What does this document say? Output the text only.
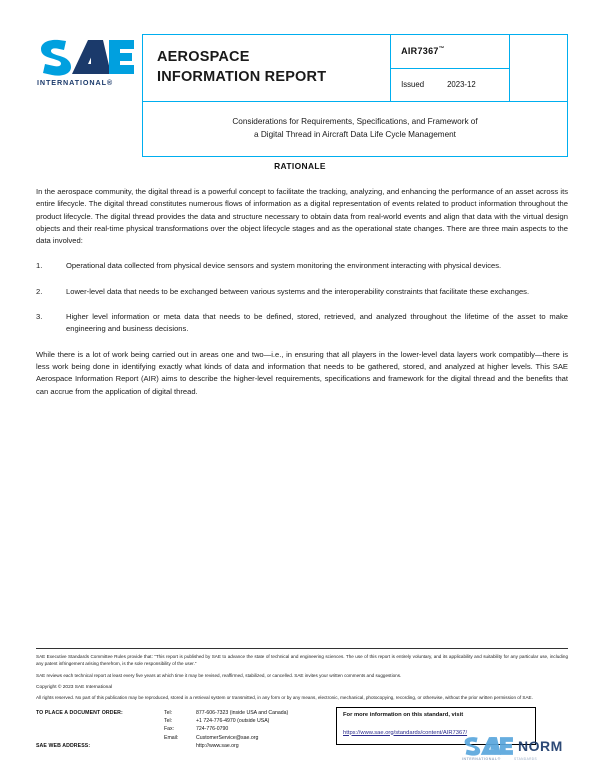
INTERNATIONAL®
AEROSPACE
INFORMATION REPORT

AIR7367™

Issued	2023-12

Considerations for Requirements, Specifications, and Framework of
a Digital Thread in Aircraft Data Life Cycle Management
RATIONALE

In the aerospace community, the digital thread is a powerful concept to facilitate the tracking, analyzing, and enhancing the performance of an asset across its entire lifecycle. The digital thread constitutes numerous flows of information as a digital representation of events related to product information throughout the product lifecycle. The digital thread provides the data and structure necessary to obtain data from real-world events and align that data with the virtual design objects and their real-time physical transformations over the object lifecycle stages and as the operational state changes. There are three main aspects to the data involved:

1.	Operational data collected from physical device sensors and system monitoring the environment interacting with physical devices.
2.	Lower-level data that needs to be exchanged between various systems and the interoperability constraints that facilitate these exchanges.
3.	Higher level information or meta data that needs to be defined, stored, retrieved, and analyzed throughout the lifetime of the asset to make engineering and business decisions.

While there is a lot of work being carried out in areas one and two—i.e., in ensuring that all players in the lower-level data layers work compatibly—there is less work being done in identifying exactly what kinds of data and information that needs to be gathered, stored, and analyzed at higher levels. This SAE Aerospace Information Report (AIR) aims to describe the higher-level requirements, specifications and framework for the digital thread and the benefits that can accrue from the application of digital thread.

SAE Executive Standards Committee Rules provide that: “This report is published by SAE to advance the state of technical and engineering sciences. The use of this report is entirely voluntary, and its applicability and suitability for any particular use, including any patent infringement arising therefrom, is the sole responsibility of the user.”

SAE reviews each technical report at least every five years at which time it may be revised, reaffirmed, stabilized, or cancelled. SAE invites your written comments and suggestions.

Copyright © 2023 SAE International

All rights reserved. No part of this publication may be reproduced, stored in a retrieval system or transmitted, in any form or by any means, electronic, mechanical, photocopying, recording, or otherwise, without the prior written permission of SAE.

TO PLACE A DOCUMENT ORDER:	Tel:	877-606-7323 (inside USA and Canada)
Tel:	+1 724-776-4970 (outside USA)
Fax:	724-776-0790
Email:	CustomerService@sae.org
SAE WEB ADDRESS:	http://www.sae.org
For more information on this standard, visit
https://www.sae.org/standards/content/AIR7367/
NORM
INTERNATIONAL®	STANDARDS
